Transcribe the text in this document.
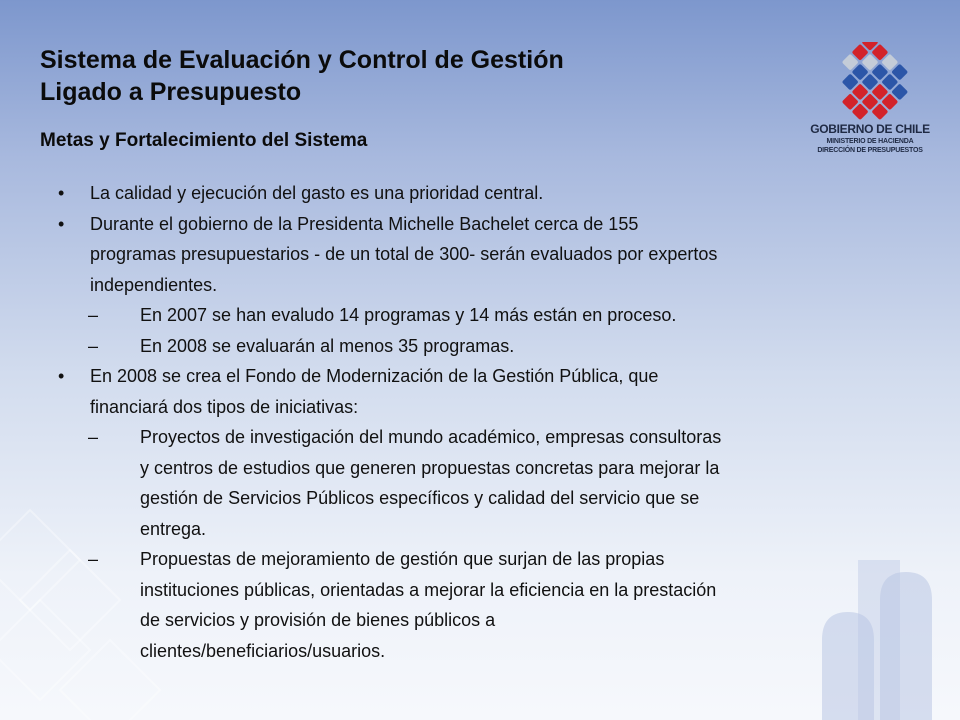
Sistema de Evaluación y Control de Gestión
Ligado a Presupuesto
Metas y Fortalecimiento del Sistema
GOBIERNO DE CHILE
MINISTERIO DE HACIENDA
DIRECCIÓN DE PRESUPUESTOS
• La calidad y ejecución del gasto es una prioridad central.
• Durante el gobierno de la Presidenta Michelle Bachelet cerca de 155
programas presupuestarios - de un total de 300- serán evaluados por expertos
independientes.
– En 2007 se han evaludo 14 programas y 14 más están en proceso.
– En 2008 se evaluarán al menos 35 programas.
• En 2008 se crea el Fondo de Modernización de la Gestión Pública, que
financiará dos tipos de iniciativas:
– Proyectos de investigación del mundo académico, empresas consultoras
y centros de estudios que generen propuestas concretas para mejorar la
gestión de Servicios Públicos específicos y calidad del servicio que se
entrega.
– Propuestas de mejoramiento de gestión que surjan de las propias
instituciones públicas, orientadas a mejorar la eficiencia en la prestación
de servicios y provisión de bienes públicos a
clientes/beneficiarios/usuarios.
